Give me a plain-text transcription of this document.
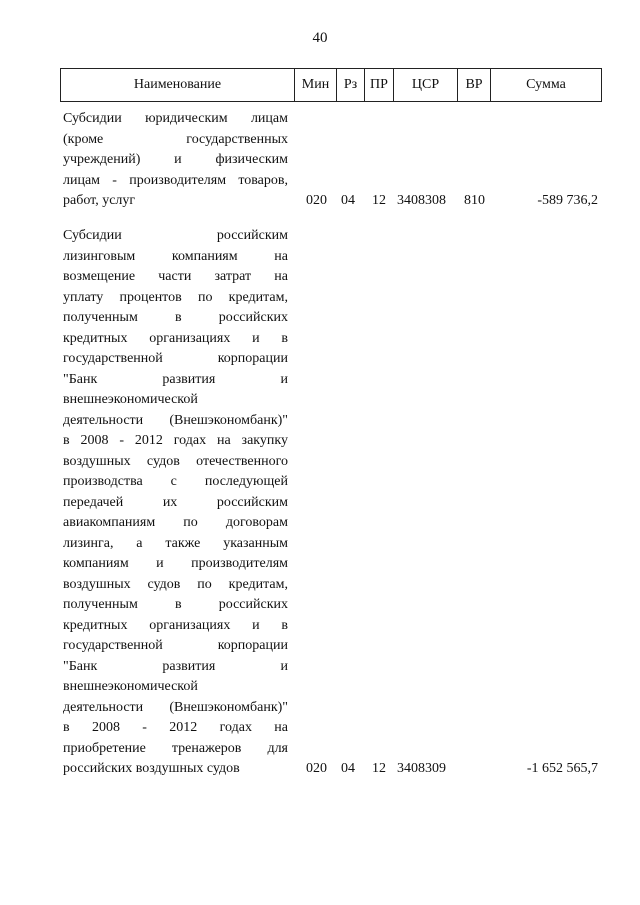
40
Наименование	Мин	Рз ПР	ЦСР	ВР	Сумма
Субсидии юридическим лицам
(кроме государственных
учреждений) и физическим
лицам - производителям товаров,
работ, услуг	020 04 12 3408308 810	-589 736,2
Субсидии российским
лизинговым компаниям на
возмещение части затрат на
уплату процентов по кредитам,
полученным в российских
кредитных организациях и в
государственной корпорации
"Банк развития и
внешнеэкономической
деятельности (Внешэкономбанк)"
в 2008 - 2012 годах на закупку
воздушных судов отечественного
производства с последующей
передачей их российским
авиакомпаниям по договорам
лизинга, а также указанным
компаниям и производителям
воздушных судов по кредитам,
полученным в российских
кредитных организациях и в
государственной корпорации
"Банк развития и
внешнеэкономической
деятельности (Внешэкономбанк)"
в 2008 - 2012 годах на
приобретение тренажеров для
российских воздушных судов	020 04 12 3408309	-1 652 565,7
